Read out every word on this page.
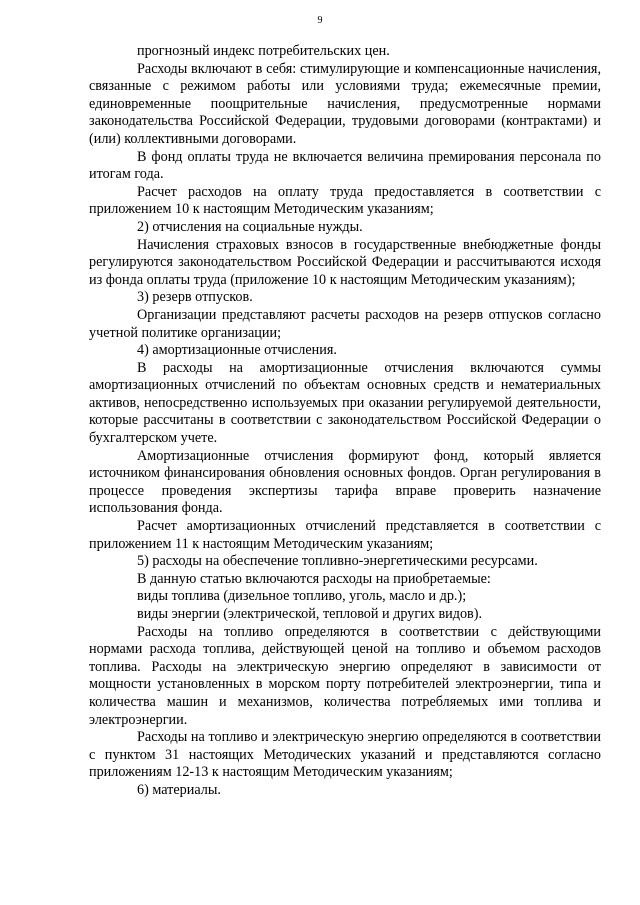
9

прогнозный индекс потребительских цен.

Расходы включают в себя: стимулирующие и компенсационные начисления, связанные с режимом работы или условиями труда; ежемесячные премии, единовременные поощрительные начисления, предусмотренные нормами законодательства Российской Федерации, трудовыми договорами (контрактами) и (или) коллективными договорами.

В фонд оплаты труда не включается величина премирования персонала по итогам года.

Расчет расходов на оплату труда предоставляется в соответствии с приложением 10 к настоящим Методическим указаниям;

2) отчисления на социальные нужды.

Начисления страховых взносов в государственные внебюджетные фонды регулируются законодательством Российской Федерации и рассчитываются исходя из фонда оплаты труда (приложение 10 к настоящим Методическим указаниям);

3) резерв отпусков.

Организации представляют расчеты расходов на резерв отпусков согласно учетной политике организации;

4) амортизационные отчисления.

В расходы на амортизационные отчисления включаются суммы амортизационных отчислений по объектам основных средств и нематериальных активов, непосредственно используемых при оказании регулируемой деятельности, которые рассчитаны в соответствии с законодательством Российской Федерации о бухгалтерском учете.

Амортизационные отчисления формируют фонд, который является источником финансирования обновления основных фондов. Орган регулирования в процессе проведения экспертизы тарифа вправе проверить назначение использования фонда.

Расчет амортизационных отчислений представляется в соответствии с приложением 11 к настоящим Методическим указаниям;

5) расходы на обеспечение топливно-энергетическими ресурсами.

В данную статью включаются расходы на приобретаемые:

виды топлива (дизельное топливо, уголь, масло и др.);

виды энергии (электрической, тепловой и других видов).

Расходы на топливо определяются в соответствии с действующими нормами расхода топлива, действующей ценой на топливо и объемом расходов топлива. Расходы на электрическую энергию определяют в зависимости от мощности установленных в морском порту потребителей электроэнергии, типа и количества машин и механизмов, количества потребляемых ими топлива и электроэнергии.

Расходы на топливо и электрическую энергию определяются в соответствии с пунктом 31 настоящих Методических указаний и представляются согласно приложениям 12-13 к настоящим Методическим указаниям;

6) материалы.
